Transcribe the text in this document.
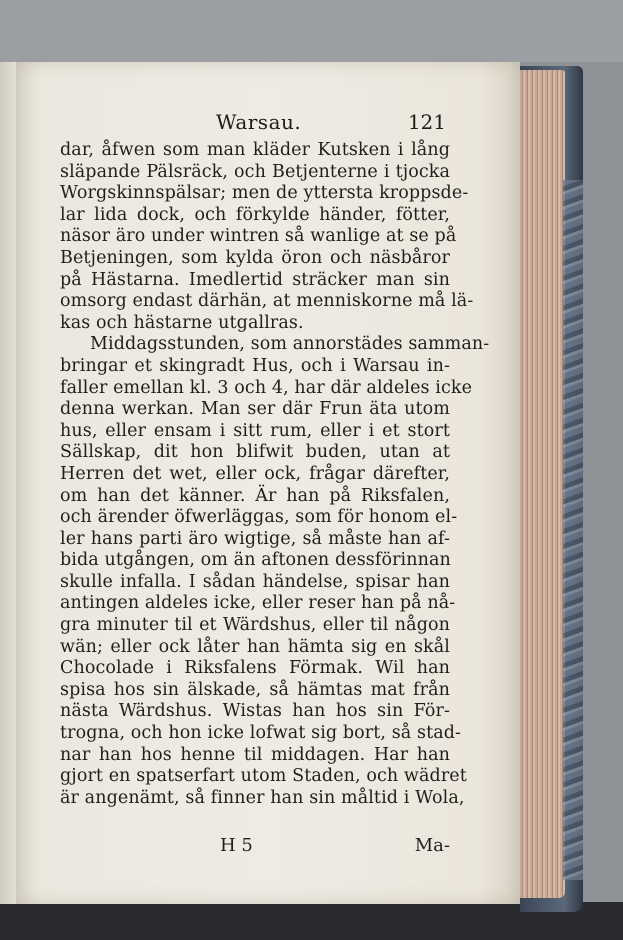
Warsau.	121
dar, åfwen som man kläder Kutsken i lång
släpande Pälsräck, och Betjenterne i tjocka
Worgskinnspälsar; men de yttersta kroppsde-
lar lida dock, och förkylde händer, fötter,
näsor äro under wintren så wanlige at se på
Betjeningen, som kylda öron och näsbåror
på Hästarna. Imedlertid sträcker man sin
omsorg endast därhän, at menniskorne må lä-
kas och hästarne utgallras.
Middagsstunden, som annorstädes samman-
bringar et skingradt Hus, och i Warsau in-
faller emellan kl. 3 och 4, har där aldeles icke
denna werkan. Man ser där Frun äta utom
hus, eller ensam i sitt rum, eller i et stort
Sällskap, dit hon blifwit buden, utan at
Herren det wet, eller ock, frågar därefter,
om han det känner. Är han på Riksfalen,
och ärender öfwerläggas, som för honom el-
ler hans parti äro wigtige, så måste han af-
bida utgången, om än aftonen dessförinnan
skulle infalla. I sådan händelse, spisar han
antingen aldeles icke, eller reser han på nå-
gra minuter til et Wärdshus, eller til någon
wän; eller ock låter han hämta sig en skål
Chocolade i Riksfalens Förmak. Wil han
spisa hos sin älskade, så hämtas mat från
nästa Wärdshus. Wistas han hos sin För-
trogna, och hon icke lofwat sig bort, så stad-
nar han hos henne til middagen. Har han
gjort en spatserfart utom Staden, och wädret
är angenämt, så finner han sin måltid i Wola,
H 5	Ma-
